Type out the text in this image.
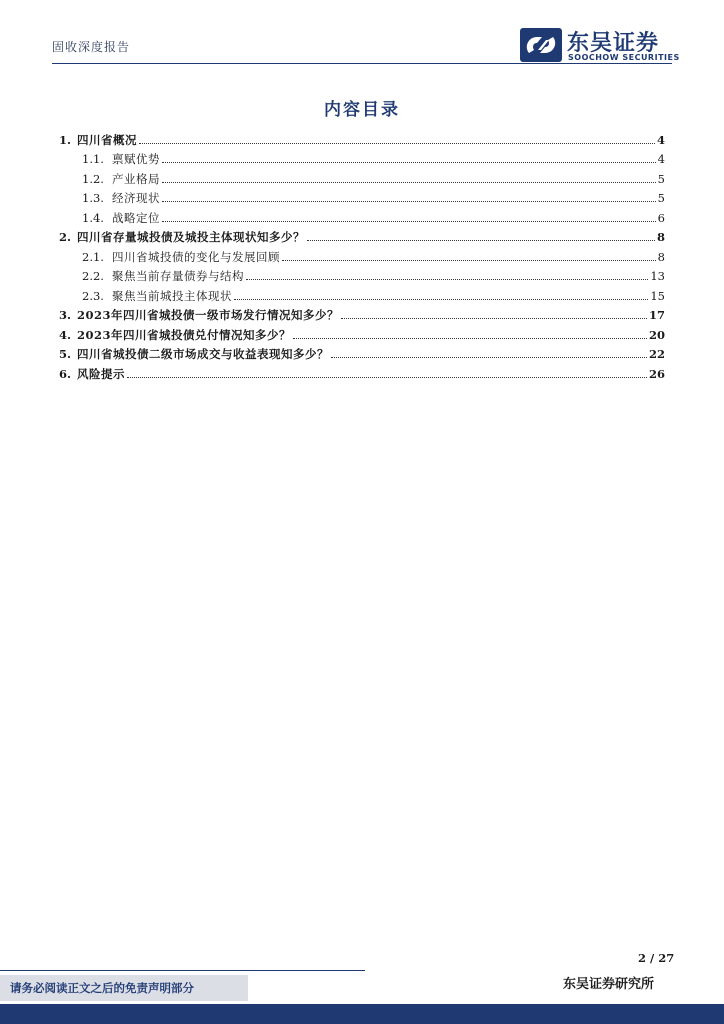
固收深度报告	东吴证券
SOOCHOW SECURITIES
内容目录
1. 四川省概况	4
1.1. 禀赋优势	4
1.2. 产业格局	5
1.3. 经济现状	5
1.4. 战略定位	6
2. 四川省存量城投债及城投主体现状知多少？	8
2.1. 四川省城投债的变化与发展回顾	8
2.2. 聚焦当前存量债券与结构	13
2.3. 聚焦当前城投主体现状	15
3. 2023年四川省城投债一级市场发行情况知多少？	17
4. 2023年四川省城投债兑付情况知多少？	20
5. 四川省城投债二级市场成交与收益表现知多少？	22
6. 风险提示	26
2 / 27
请务必阅读正文之后的免责声明部分	东吴证券研究所
